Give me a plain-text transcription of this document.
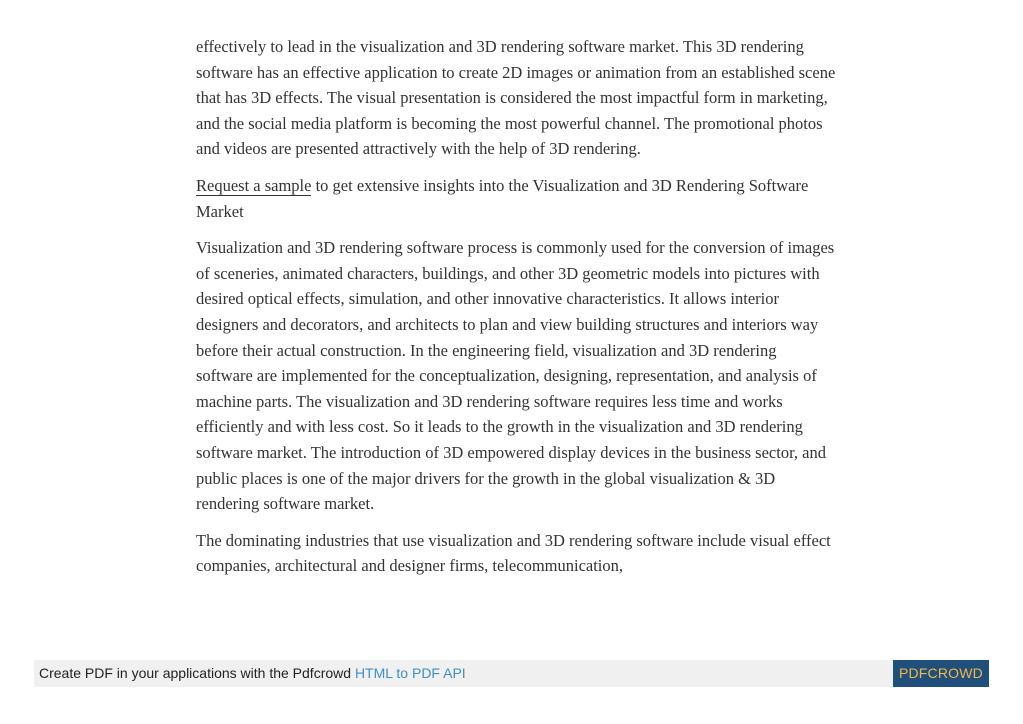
effectively to lead in the visualization and 3D rendering software market. This 3D rendering software has an effective application to create 2D images or animation from an established scene that has 3D effects. The visual presentation is considered the most impactful form in marketing, and the social media platform is becoming the most powerful channel. The promotional photos and videos are presented attractively with the help of 3D rendering.

Request a sample to get extensive insights into the Visualization and 3D Rendering Software Market

Visualization and 3D rendering software process is commonly used for the conversion of images of sceneries, animated characters, buildings, and other 3D geometric models into pictures with desired optical effects, simulation, and other innovative characteristics. It allows interior designers and decorators, and architects to plan and view building structures and interiors way before their actual construction. In the engineering field, visualization and 3D rendering software are implemented for the conceptualization, designing, representation, and analysis of machine parts. The visualization and 3D rendering software requires less time and works efficiently and with less cost. So it leads to the growth in the visualization and 3D rendering software market. The introduction of 3D empowered display devices in the business sector, and public places is one of the major drivers for the growth in the global visualization & 3D rendering software market.

The dominating industries that use visualization and 3D rendering software include visual effect companies, architectural and designer firms, telecommunication,

Create PDF in your applications with the Pdfcrowd HTML to PDF API	PDFCROWD
